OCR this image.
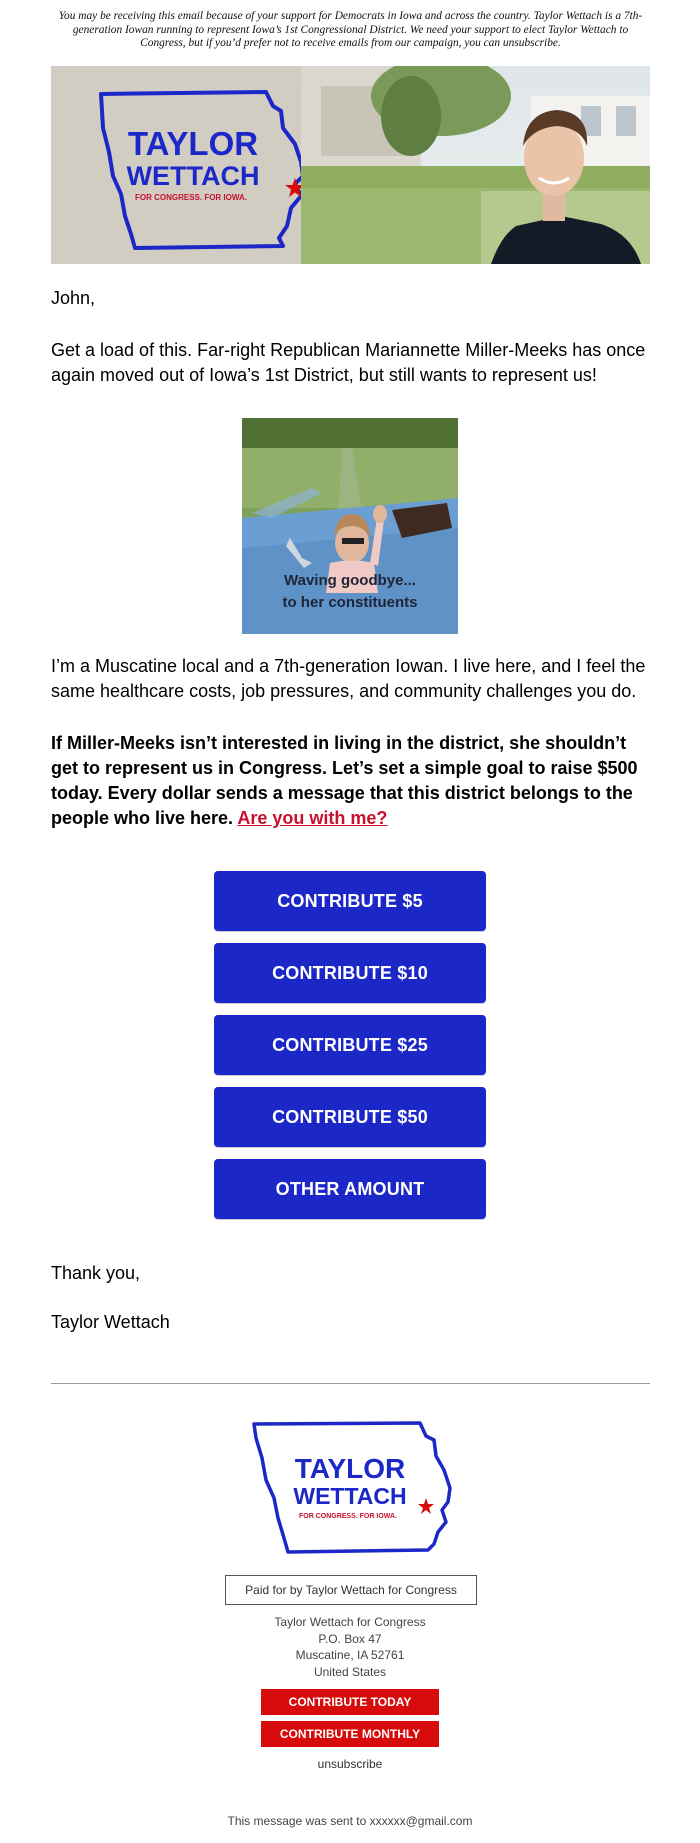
You may be receiving this email because of your support for Democrats in Iowa and across the country. Taylor Wettach is a 7th-generation Iowan running to represent Iowa’s 1st Congressional District. We need your support to elect Taylor Wettach to Congress, but if you’d prefer not to receive emails from our campaign, you can unsubscribe.
TAYLOR
WETTACH
FOR CONGRESS. FOR IOWA.
John,
Get a load of this. Far-right Republican Mariannette Miller-Meeks has once again moved out of Iowa’s 1st District, but still wants to represent us!
Waving goodbye...
to her constituents
I’m a Muscatine local and a 7th-generation Iowan. I live here, and I feel the same healthcare costs, job pressures, and community challenges you do.
If Miller-Meeks isn’t interested in living in the district, she shouldn’t get to represent us in Congress. Let’s set a simple goal to raise $500 today. Every dollar sends a message that this district belongs to the people who live here. Are you with me?
CONTRIBUTE $5
CONTRIBUTE $10
CONTRIBUTE $25
CONTRIBUTE $50
OTHER AMOUNT
Thank you,
Taylor Wettach
TAYLOR
WETTACH
FOR CONGRESS. FOR IOWA.
Paid for by Taylor Wettach for Congress
Taylor Wettach for Congress
P.O. Box 47
Muscatine, IA 52761
United States
CONTRIBUTE TODAY
CONTRIBUTE MONTHLY
unsubscribe
This message was sent to xxxxxx@gmail.com
